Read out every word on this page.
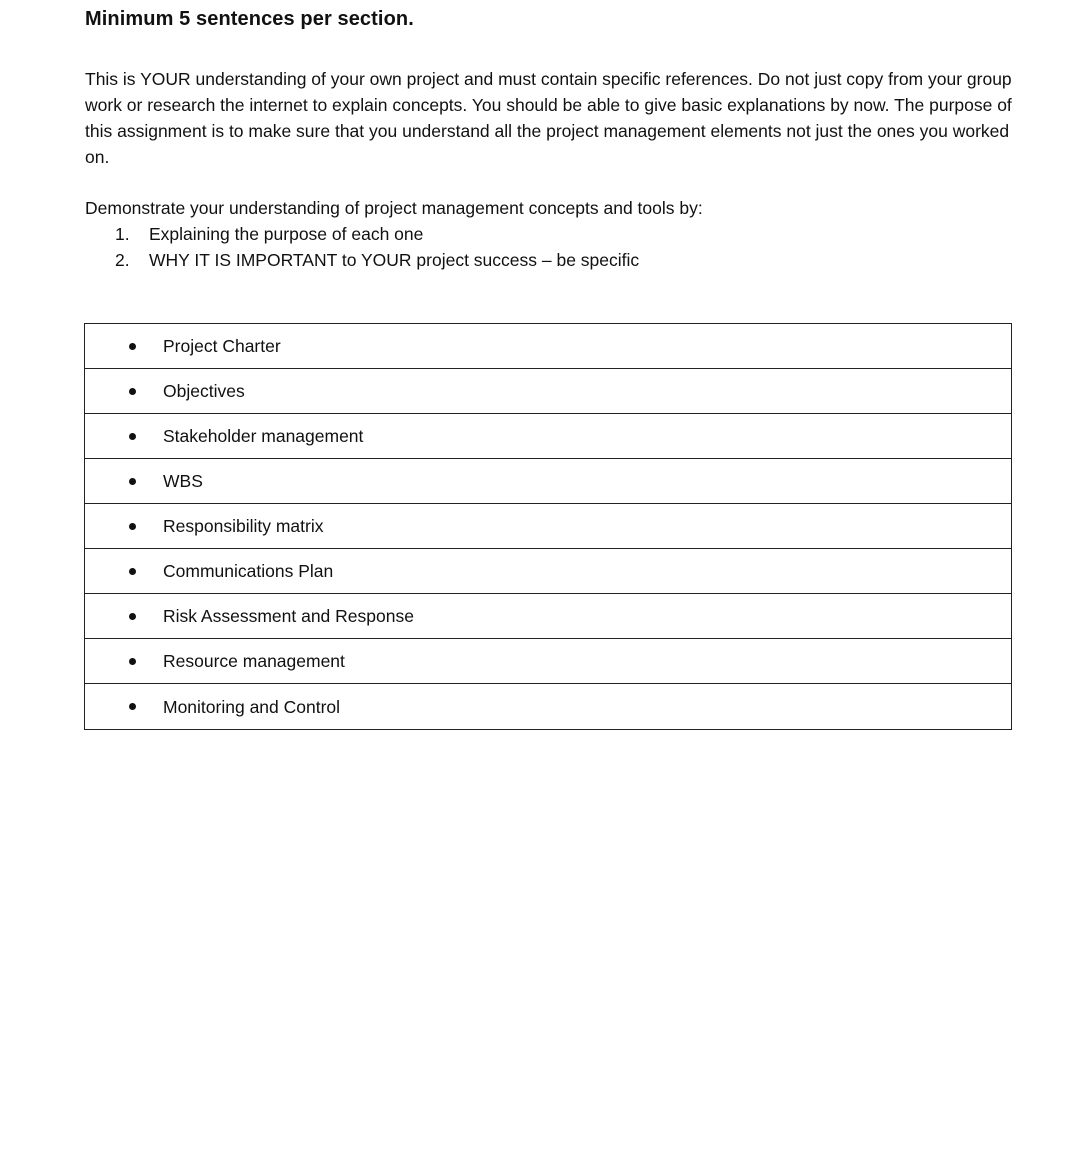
Minimum 5 sentences per section.
This is YOUR understanding of your own project and must contain specific references. Do not just copy from your group work or research the internet to explain concepts. You should be able to give basic explanations by now. The purpose of this assignment is to make sure that you understand all the project management elements not just the ones you worked on.
Demonstrate your understanding of project management concepts and tools by:
1.	Explaining the purpose of each one
2.	WHY IT IS IMPORTANT to YOUR project success – be specific
Project Charter
Objectives
Stakeholder management
WBS
Responsibility matrix
Communications Plan
Risk Assessment and Response
Resource management
Monitoring and Control
